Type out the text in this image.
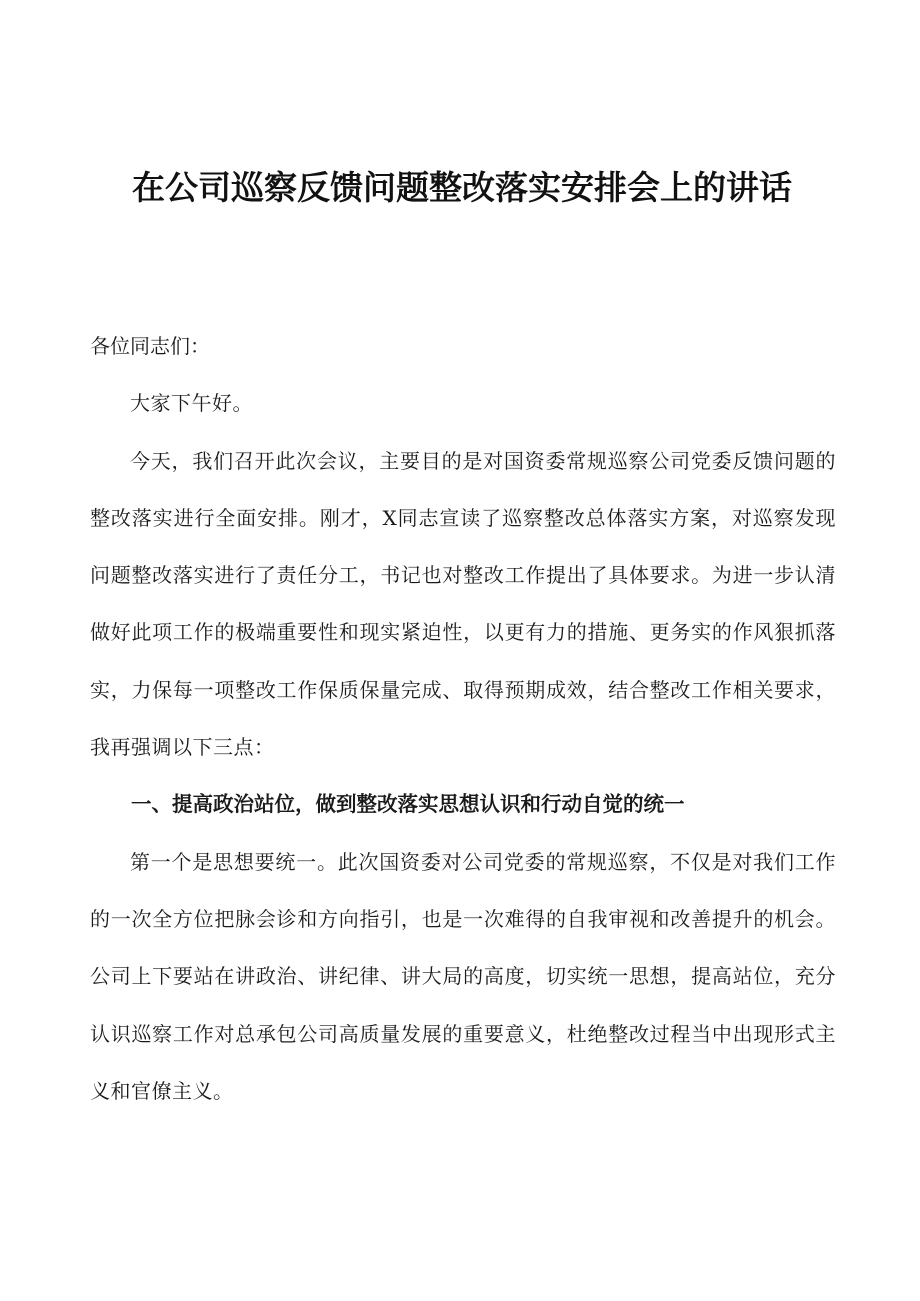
在公司巡察反馈问题整改落实安排会上的讲话

各位同志们：

大家下午好。

今天，我们召开此次会议，主要目的是对国资委常规巡察公司党委反馈问题的整改落实进行全面安排。刚才，X同志宣读了巡察整改总体落实方案，对巡察发现问题整改落实进行了责任分工，书记也对整改工作提出了具体要求。为进一步认清做好此项工作的极端重要性和现实紧迫性，以更有力的措施、更务实的作风狠抓落实，力保每一项整改工作保质保量完成、取得预期成效，结合整改工作相关要求，我再强调以下三点：

一、提高政治站位，做到整改落实思想认识和行动自觉的统一

第一个是思想要统一。此次国资委对公司党委的常规巡察，不仅是对我们工作的一次全方位把脉会诊和方向指引，也是一次难得的自我审视和改善提升的机会。公司上下要站在讲政治、讲纪律、讲大局的高度，切实统一思想，提高站位，充分认识巡察工作对总承包公司高质量发展的重要意义，杜绝整改过程当中出现形式主义和官僚主义。
